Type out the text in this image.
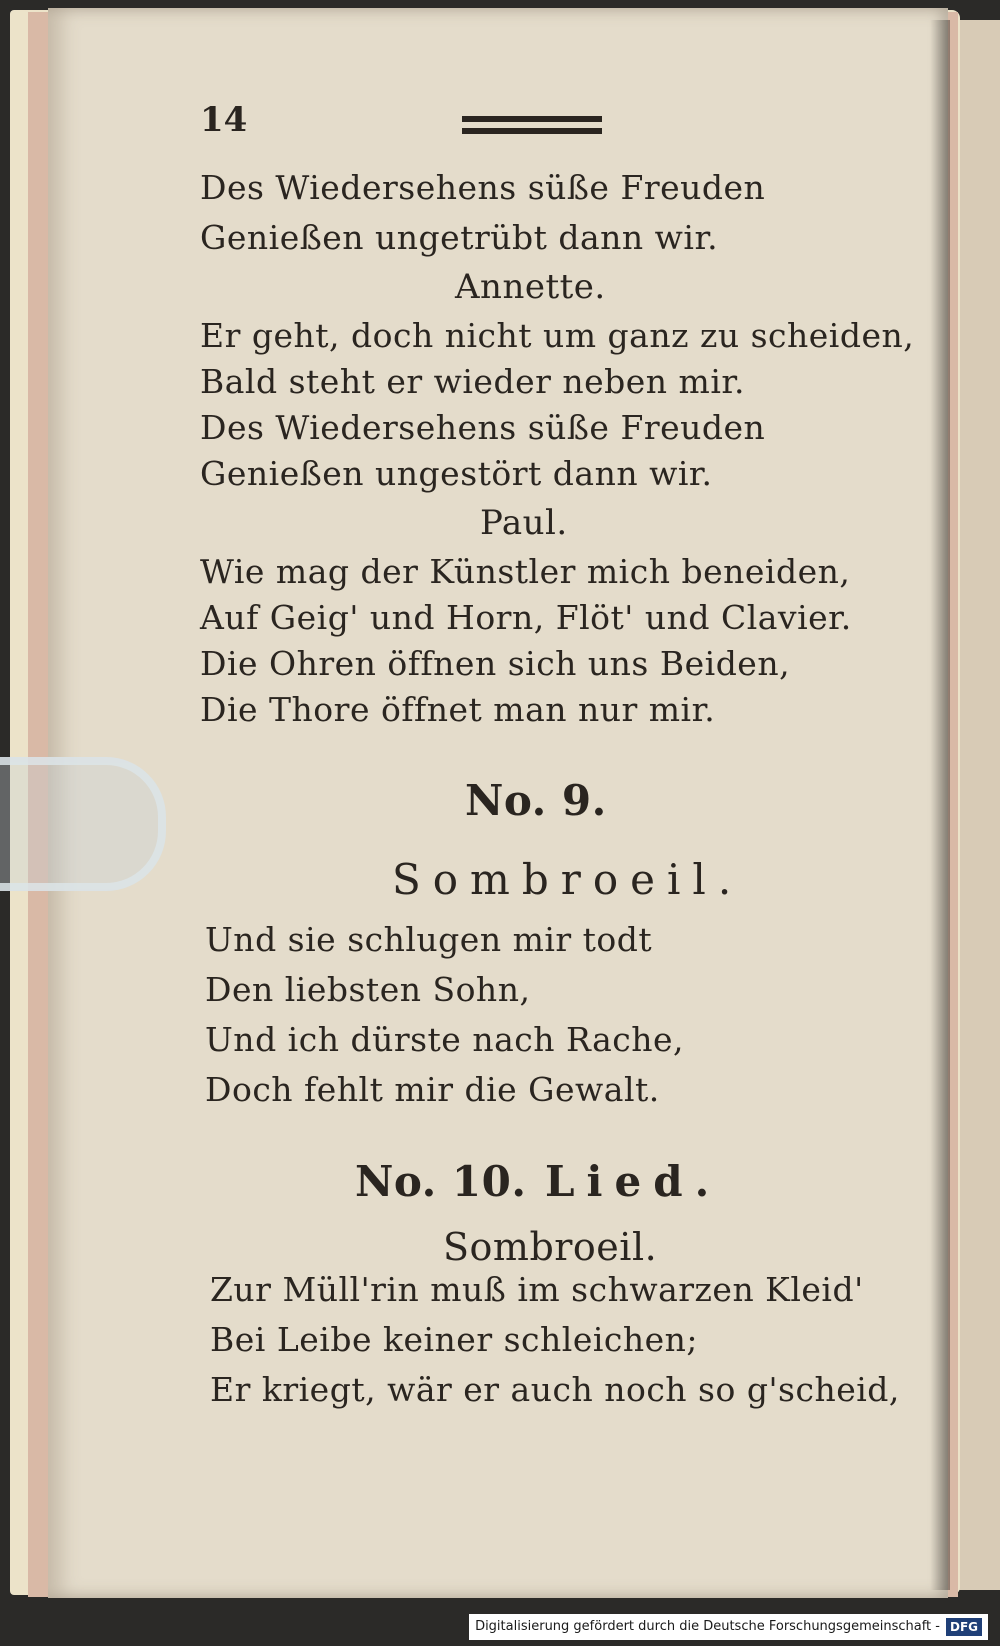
14
Des Wiedersehens süße Freuden
Genießen ungetrübt dann wir.
Annette.
Er geht, doch nicht um ganz zu scheiden,
Bald steht er wieder neben mir.
Des Wiedersehens süße Freuden
Genießen ungestört dann wir.
Paul.
Wie mag der Künstler mich beneiden,
Auf Geig' und Horn, Flöt' und Clavier.
Die Ohren öffnen sich uns Beiden,
Die Thore öffnet man nur mir.
No. 9.
Sombroeil.
Und sie schlugen mir todt
Den liebsten Sohn,
Und ich dürste nach Rache,
Doch fehlt mir die Gewalt.
No. 10. Lied.
Sombroeil.
Zur Müll'rin muß im schwarzen Kleid'
Bei Leibe keiner schleichen;
Er kriegt, wär er auch noch so g'scheid,
Digitalisierung gefördert durch die Deutsche Forschungsgemeinschaft - DFG
